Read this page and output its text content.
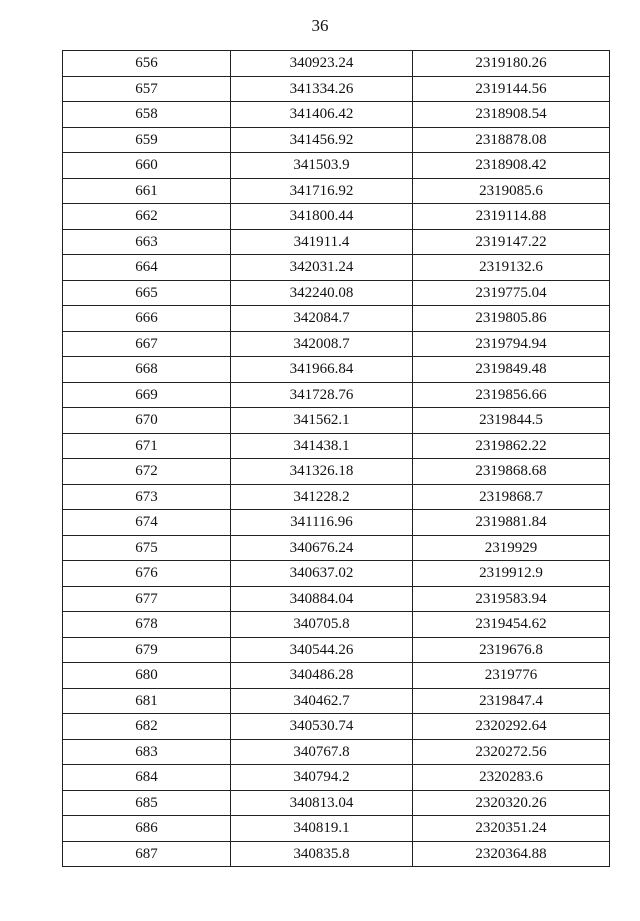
36
656	340923.24	2319180.26
657	341334.26	2319144.56
658	341406.42	2318908.54
659	341456.92	2318878.08
660	341503.9	2318908.42
661	341716.92	2319085.6
662	341800.44	2319114.88
663	341911.4	2319147.22
664	342031.24	2319132.6
665	342240.08	2319775.04
666	342084.7	2319805.86
667	342008.7	2319794.94
668	341966.84	2319849.48
669	341728.76	2319856.66
670	341562.1	2319844.5
671	341438.1	2319862.22
672	341326.18	2319868.68
673	341228.2	2319868.7
674	341116.96	2319881.84
675	340676.24	2319929
676	340637.02	2319912.9
677	340884.04	2319583.94
678	340705.8	2319454.62
679	340544.26	2319676.8
680	340486.28	2319776
681	340462.7	2319847.4
682	340530.74	2320292.64
683	340767.8	2320272.56
684	340794.2	2320283.6
685	340813.04	2320320.26
686	340819.1	2320351.24
687	340835.8	2320364.88
